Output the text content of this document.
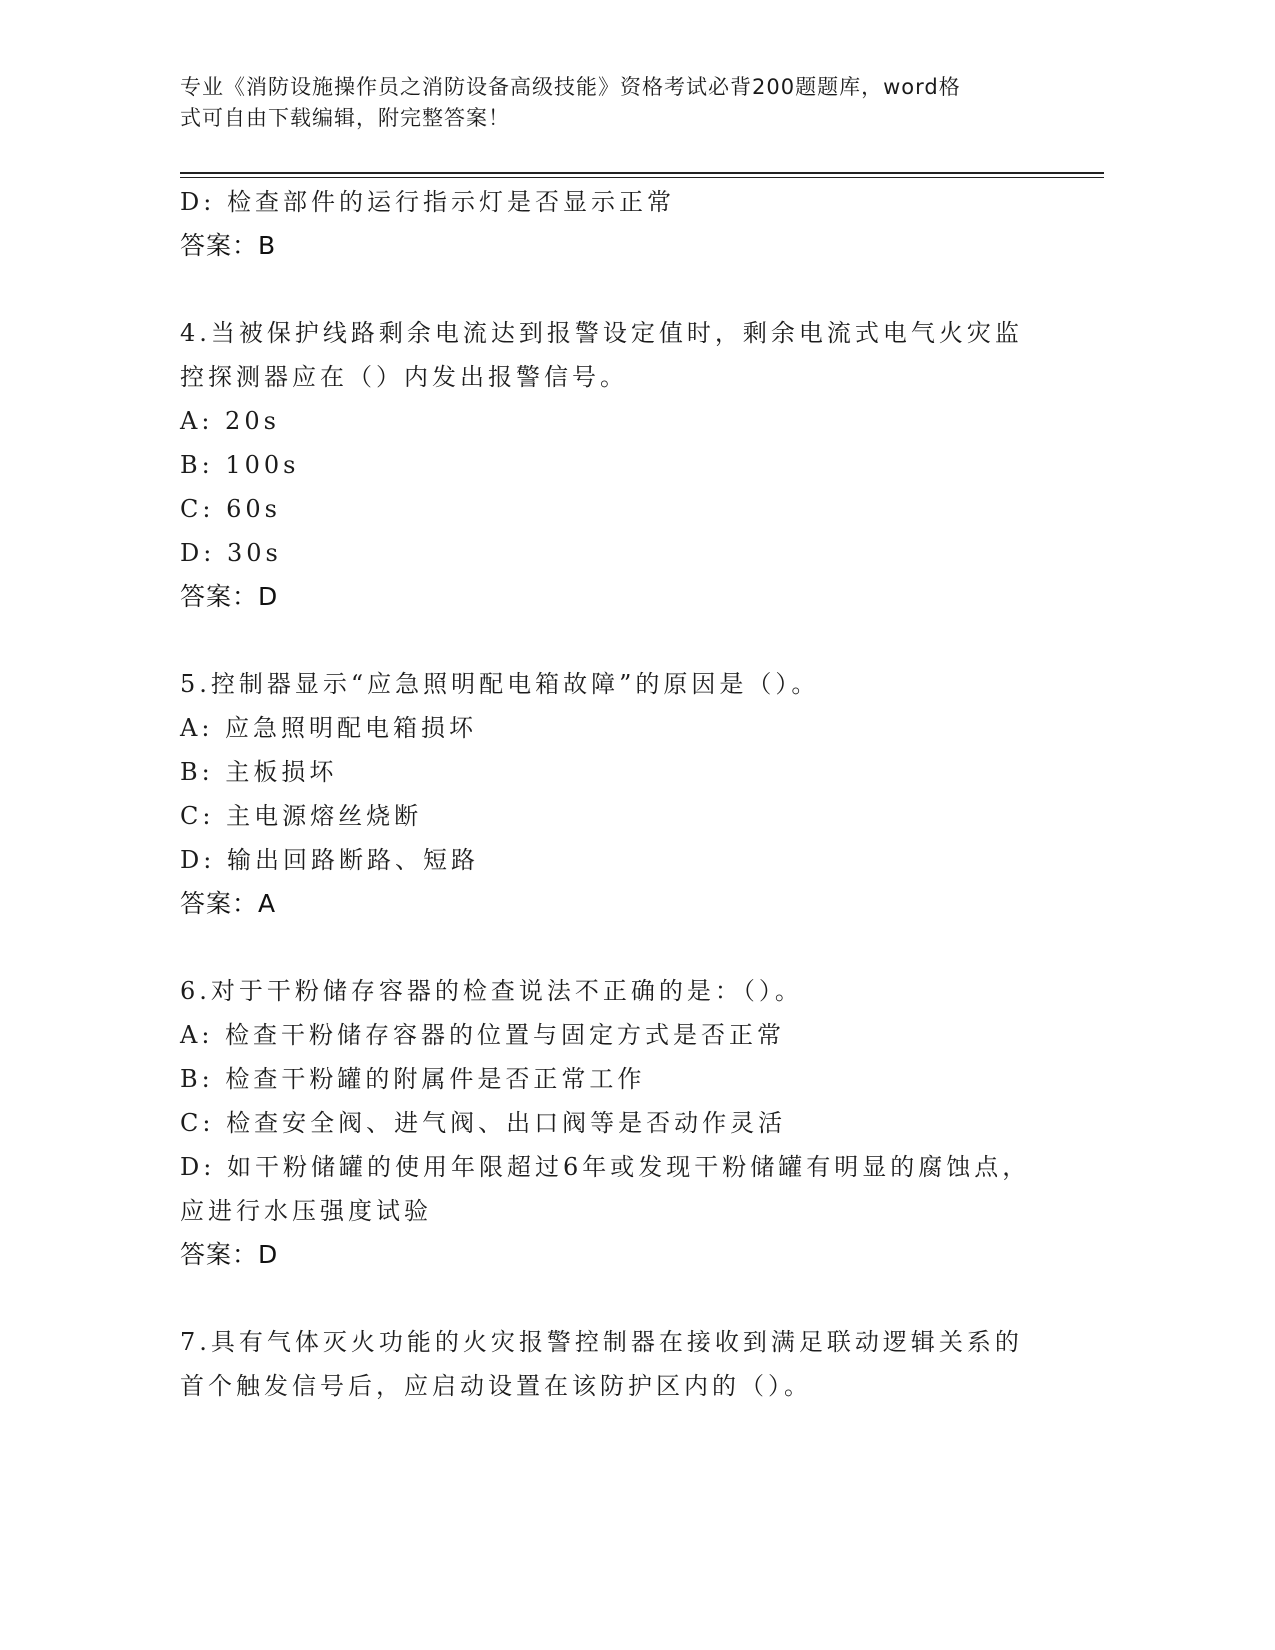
专业《消防设施操作员之消防设备高级技能》资格考试必背200题题库，word格
式可自由下载编辑，附完整答案！
D: 检查部件的运行指示灯是否显示正常
答案：B
4.当被保护线路剩余电流达到报警设定值时，剩余电流式电气火灾监
控探测器应在（）内发出报警信号。
A: 20s
B: 100s
C: 60s
D: 30s
答案：D
5.控制器显示“应急照明配电箱故障”的原因是（）。
A: 应急照明配电箱损坏
B: 主板损坏
C: 主电源熔丝烧断
D: 输出回路断路、短路
答案：A
6.对于干粉储存容器的检查说法不正确的是：（）。
A: 检查干粉储存容器的位置与固定方式是否正常
B: 检查干粉罐的附属件是否正常工作
C: 检查安全阀、进气阀、出口阀等是否动作灵活
D: 如干粉储罐的使用年限超过6年或发现干粉储罐有明显的腐蚀点，
应进行水压强度试验
答案：D
7.具有气体灭火功能的火灾报警控制器在接收到满足联动逻辑关系的
首个触发信号后，应启动设置在该防护区内的（）。
